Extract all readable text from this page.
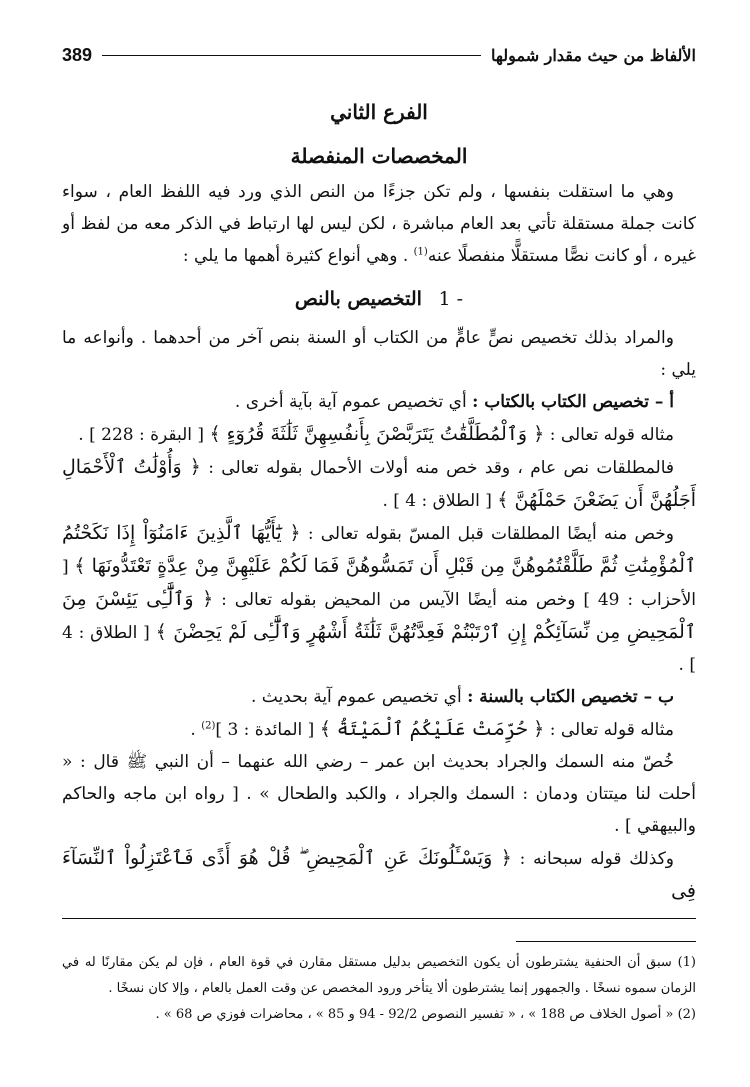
الألفاظ من حيث مقدار شمولها
389
الفرع الثاني
المخصصات المنفصلة

وهي ما استقلت بنفسها ، ولم تكن جزءًا من النص الذي ورد فيه اللفظ العام ، سواء كانت جملة مستقلة تأتي بعد العام مباشرة ، لكن ليس لها ارتباط في الذكر معه من لفظ أو غيره ، أو كانت نصًّا مستقلًّا منفصلًا عنه$^{(1)}$ . وهي أنواع كثيرة أهمها ما يلي :

1 - التخصيص بالنص

والمراد بذلك تخصيص نصٍّ عامٍّ من الكتاب أو السنة بنص آخر من أحدهما . وأنواعه ما يلي :

أ – تخصيص الكتاب بالكتاب : أي تخصيص عموم آية بآية أخرى .

مثاله قوله تعالى : ﴿ وَٱلْمُطَلَّقَٰتُ يَتَرَبَّصْنَ بِأَنفُسِهِنَّ ثَلَٰثَةَ قُرُوٓءٍ ﴾ [ البقرة : 228 ] .

فالمطلقات نص عام ، وقد خص منه أولات الأحمال بقوله تعالى : ﴿ وَأُوْلَٰتُ ٱلْأَحْمَالِ أَجَلُهُنَّ أَن يَضَعْنَ حَمْلَهُنَّ ﴾ [ الطلاق : 4 ] .

وخص منه أيضًا المطلقات قبل المسّ بقوله تعالى : ﴿ يَٰٓأَيُّهَا ٱلَّذِينَ ءَامَنُوٓاْ إِذَا نَكَحْتُمُ ٱلْمُؤْمِنَٰتِ ثُمَّ طَلَّقْتُمُوهُنَّ مِن قَبْلِ أَن تَمَسُّوهُنَّ فَمَا لَكُمْ عَلَيْهِنَّ مِنْ عِدَّةٍ تَعْتَدُّونَهَا ﴾ [ الأحزاب : 49 ] وخص منه أيضًا الآيس من المحيض بقوله تعالى : ﴿ وَٱلَّٰٓـِٔى يَئِسْنَ مِنَ ٱلْمَحِيضِ مِن نِّسَآئِكُمْ إِنِ ٱرْتَبْتُمْ فَعِدَّتُهُنَّ ثَلَٰثَةُ أَشْهُرٍ وَٱلَّٰٓـِٔى لَمْ يَحِضْنَ ﴾ [ الطلاق : 4 ] .

ب – تخصيص الكتاب بالسنة : أي تخصيص عموم آية بحديث .

مثاله قوله تعالى : ﴿ حُرِّمَتْ عَلَيْكُمُ ٱلْمَيْتَةُ ﴾ [ المائدة : 3 ]$^{(2)}$ .

خُصّ منه السمك والجراد بحديث ابن عمر – رضي الله عنهما – أن النبي ﷺ قال : « أحلت لنا ميتتان ودمان : السمك والجراد ، والكبد والطحال » . [ رواه ابن ماجه والحاكم والبيهقي ] .

وكذلك قوله سبحانه : ﴿ وَيَسْـَٔلُونَكَ عَنِ ٱلْمَحِيضِ ۖ قُلْ هُوَ أَذًى فَٱعْتَزِلُواْ ٱلنِّسَآءَ فِى

(1) سبق أن الحنفية يشترطون أن يكون التخصيص بدليل مستقل مقارن في قوة العام ، فإن لم يكن مقارنًا له في الزمان سموه نسخًا . والجمهور إنما يشترطون ألا يتأخر ورود المخصص عن وقت العمل بالعام ، وإلا كان نسخًا .

(2) « أصول الخلاف ص 188 » ، « تفسير النصوص 92/2 - 94 و 85 » ، محاضرات فوزي ص 68 » .
